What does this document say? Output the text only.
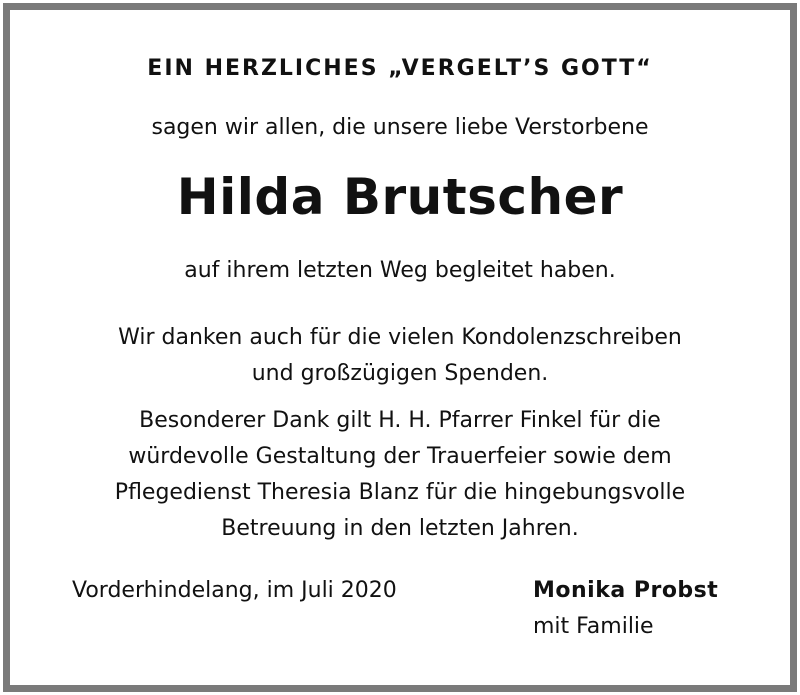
EIN HERZLICHES „VERGELT’S GOTT“

sagen wir allen, die unsere liebe Verstorbene

Hilda Brutscher

auf ihrem letzten Weg begleitet haben.

Wir danken auch für die vielen Kondolenzschreiben
und großzügigen Spenden.
Besonderer Dank gilt H. H. Pfarrer Finkel für die
würdevolle Gestaltung der Trauerfeier sowie dem
Pflegedienst Theresia Blanz für die hingebungsvolle
Betreuung in den letzten Jahren.
Vorderhindelang, im Juli 2020	Monika Probst
mit Familie
